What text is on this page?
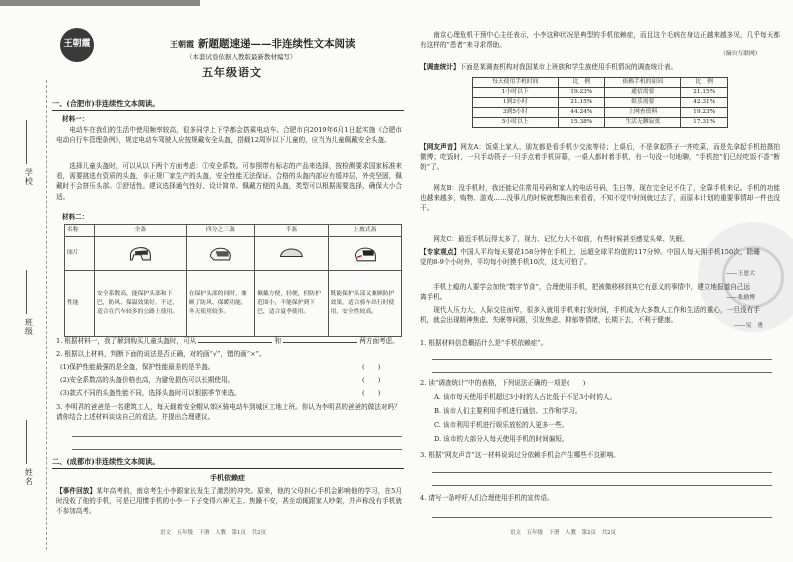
学校
班级
姓名
王朝霞	王朝霞 新题题速递——非连续性文本阅读
（本套试卷依据人教版最新教材编写）
五年级语文
一、(合肥市)非连续性文本阅读。
材料一：
电动车在我们的生活中使用频率较高，很多同学上下学都会搭乘电动车。合肥市自2019年6月1日起实施《合肥市电动自行车管理条例》，规定电动车驾驶人应按规戴安全头盔，搭载12周岁以下儿童的，应当为儿童佩戴安全头盔。
选择儿童头盔时，可以从以下两个方面考虑：①安全系数。可参照带有标志的产品来选择，按检测要求国家标准来看，需要挑选有资质的头盔，非正规厂家生产的头盔，安全性能无法保证。合格的头盔内部应有缓冲层，外壳坚固，佩戴时不会挤压头部。②舒适性。建议选择通气性好、设计简单、佩戴方便的头盔，类型可以根据需要选择，确保大小合适。
材料二：
名称	全盔	四分之三盔	半盔	上坡式盔
图片	

性能	安全系数高，能保护头部和下巴，防风、保温效果好，不过，适合在汽车较多的公路上使用。	在保护头部的同时，兼顾了防风、保暖功能，冬天使用较多。	佩戴方便，轻便，但防护范围小，不能保护到下巴，适合夏季使用。	既能保护头部又兼顾防护效果，适合骑车出行时使用，安全性较高。
1. 根据材料一，我了解到购买儿童头盔时，可从	和	两方面考虑。
2. 根据以上材料，判断下面的说法是否正确，对的画“√”，错的画“×”。
(1)保护性能最强的是全盔，保护性能最差的是半盔。	(　　)
(2)安全系数高的头盔价格也高，为避免损伤可以长期使用。	(　　)
(3)款式不同的头盔性能不同，选择头盔时可以根据季节来选。	(　　)
3. 李明君的爸爸是一名建筑工人，每天载着安全帽从郊区骑电动车到城区工地上班。你认为李明君的爸爸的做法对吗？请你结合上述材料谈谈自己的看法，并提出合理建议。
二、(成都市)非连续性文本阅读。
手机依赖症
【事件回放】某年高考前，南京考生小李跟家长发生了激烈的冲突。原来，他的父母担心手机会影响他的学习，在5月时没收了他的手机，可是已用惯手机的小李一下子变得六神无主、焦躁不安，甚至动辄跟家人吵架，并声称没有手机就不参加高考。
语文　五年级　下册　人教　第1页　共2页
南京心理危机干预中心主任表示，小李这种状况是典型的手机依赖症，而且这个毛病在身边正越来越多见，几乎每天都有这样的“患者”来寻求帮助。
（摘自互联网）
【调查统计】下面是某调查机构对我国某市上班族和学生族使用手机情况的调查统计表。
每天使用手机时间	比　例	依赖手机的原因	比　例
1小时以下	19.23%	通信需要	21.15%
1到2小时	21.15%	娱乐需要	42.31%
3到5小时	44.24%	上网查资料	19.23%
5小时以上	15.38%	生活无聊寂寞	17.31%
【网友声音】网友A：饭桌上家人、朋友都是看手机少交流等待；上桌后，不是拿起筷子一齐吃菜，而是先拿起手机拍摄拍微博；吃饭时，一只手动筷子一只手点着手机屏幕，一桌人都时着手机，有一句没一句地聊，“手机控”们已经吃饭不香“断奶”了。
网友B：没手机时，我还能记住常用号码和家人的电话号码，生日等，现在完全记不住了，全靠手机来记。手机的功能也越来越多，购物、游戏……没事儿的时候就想掏出来看看，不知不觉中时间就过去了，而原本计划的重要事情却一件也没干。
网友C：最近手机玩得太多了，视力、记忆力大不如前，有些时候甚至感觉头晕、失眠。
【专家观点】中国人平均每天要花158分钟在手机上，远超全球平均值的117分钟。中国人每天拥手机150次，除睡觉的8-9个小时外，平均每小时摸手机10次，这太可怕了。
——王思大
手机上瘾的人要学会加快“数字节食”，合理使用手机，把被微移移到其它有意义的事情中，建立地报道自己远离手机。	——张励博
现代人压力大，人际交往面窄，很多人就用手机来打发时间，手机成为大多数人工作和生活的重心，一旦没有手机，就会出现精神焦虑、失眠等问题，引发焦虑、抑郁等情绪，长期下去，不利于健康。
——吴　勇
1. 根据材料信息概括什么是“手机依赖症”。
2. 读“调查统计”中的表格，下列说法正确的一项是(　　)
A. 该市每天使用手机超过3小时的人占比低于不足3小时的人。
B. 该市人们主要利用手机进行通信、工作和学习。
C. 该市利用手机进行娱乐放松的人更多一些。
D. 该市的大部分人每天使用手机的时间偏短。
3. 根据“网友声音”这一材料说说过分依赖手机会产生哪些不良影响。
4. 请写一条呼吁人们合理使用手机的宣传语。
语文　五年级　下册　人教　第2页　共2页
